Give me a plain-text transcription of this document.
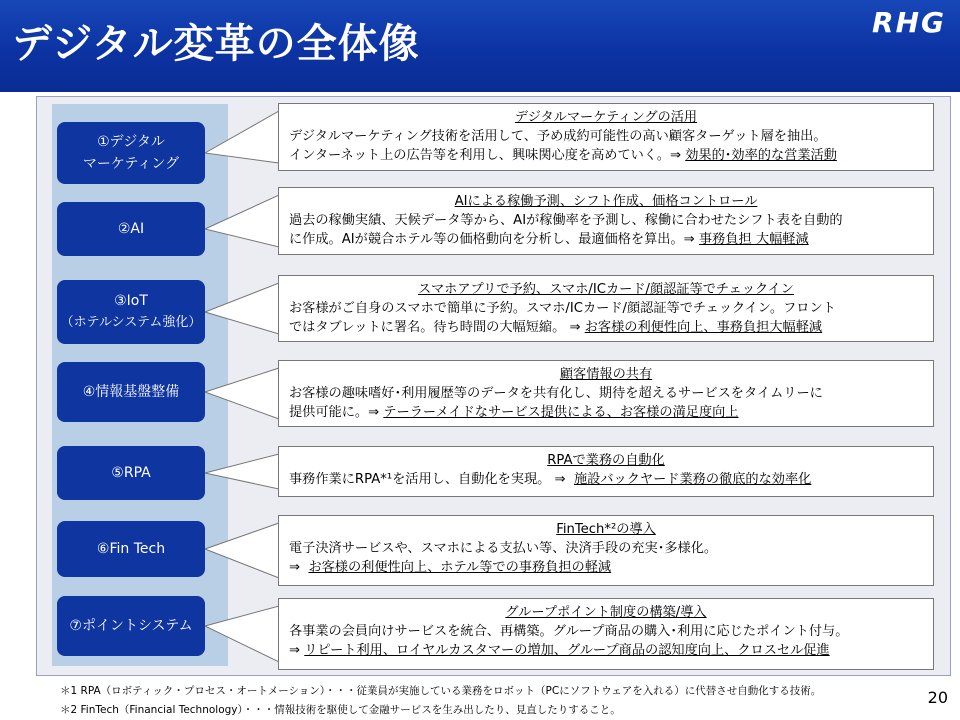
デジタル変革の全体像	RHG
①デジタル
マーケティング
デジタルマーケティングの活用
デジタルマーケティング技術を活用して、予め成約可能性の高い顧客ターゲット層を抽出。
インターネット上の広告等を利用し、興味関心度を高めていく。⇒ 効果的･効率的な営業活動
②AI
AIによる稼働予測、シフト作成、価格コントロール
過去の稼働実績、天候データ等から、AIが稼働率を予測し、稼働に合わせたシフト表を自動的
に作成。AIが競合ホテル等の価格動向を分析し、最適価格を算出。⇒ 事務負担 大幅軽減
③IoT
（ホテルシステム強化）
スマホアプリで予約、スマホ/ICカード/顔認証等でチェックイン
お客様がご自身のスマホで簡単に予約。スマホ/ICカード/顔認証等でチェックイン。フロント
ではタブレットに署名。待ち時間の大幅短縮。 ⇒ お客様の利便性向上、事務負担大幅軽減
④情報基盤整備
顧客情報の共有
お客様の趣味嗜好･利用履歴等のデータを共有化し、期待を超えるサービスをタイムリーに
提供可能に。⇒ テーラーメイドなサービス提供による、お客様の満足度向上
⑤RPA
RPAで業務の自動化
事務作業にRPA*¹を活用し、自動化を実現。 ⇒  施設バックヤード業務の徹底的な効率化
⑥Fin Tech
FinTech*²の導入
電子決済サービスや、スマホによる支払い等、決済手段の充実･多様化。
⇒  お客様の利便性向上、ホテル等での事務負担の軽減
⑦ポイントシステム
グループポイント制度の構築/導入
各事業の会員向けサービスを統合、再構築。グループ商品の購入･利用に応じたポイント付与。
⇒ リピート利用、ロイヤルカスタマーの増加、グループ商品の認知度向上、クロスセル促進
＊1 RPA（ロボティック・プロセス・オートメーション）・・・従業員が実施している業務をロボット（PCにソフトウェアを入れる）に代替させ自動化する技術。
＊2 FinTech（Financial Technology）・・・情報技術を駆使して金融サービスを生み出したり、見直したりすること。
20
